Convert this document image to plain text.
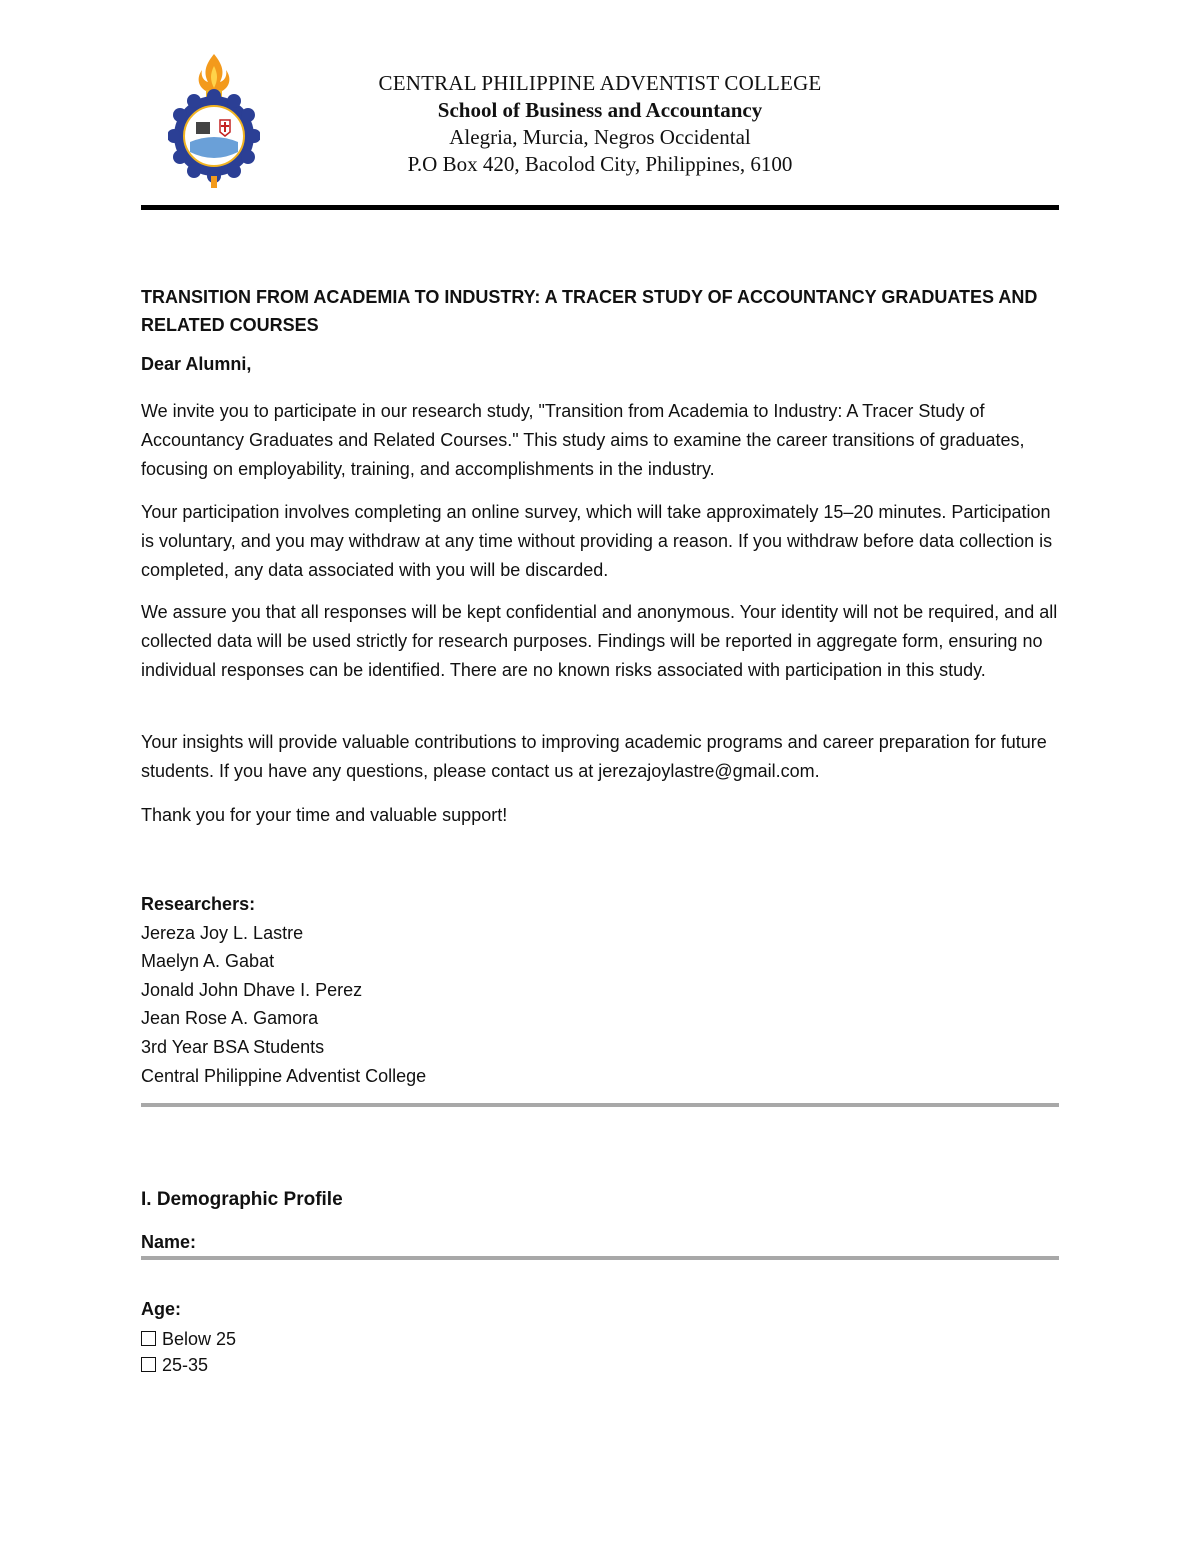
CENTRAL PHILIPPINE ADVENTIST COLLEGE
School of Business and Accountancy
Alegria, Murcia, Negros Occidental
P.O Box 420, Bacolod City, Philippines, 6100
TRANSITION FROM ACADEMIA TO INDUSTRY: A TRACER STUDY OF ACCOUNTANCY GRADUATES AND RELATED COURSES
Dear Alumni,
We invite you to participate in our research study, "Transition from Academia to Industry: A Tracer Study of Accountancy Graduates and Related Courses." This study aims to examine the career transitions of graduates, focusing on employability, training, and accomplishments in the industry.
Your participation involves completing an online survey, which will take approximately 15–20 minutes. Participation is voluntary, and you may withdraw at any time without providing a reason. If you withdraw before data collection is completed, any data associated with you will be discarded.
We assure you that all responses will be kept confidential and anonymous. Your identity will not be required, and all collected data will be used strictly for research purposes. Findings will be reported in aggregate form, ensuring no individual responses can be identified. There are no known risks associated with participation in this study.
Your insights will provide valuable contributions to improving academic programs and career preparation for future students. If you have any questions, please contact us at jerezajoylastre@gmail.com.
Thank you for your time and valuable support!
Researchers:
Jereza Joy L. Lastre
Maelyn A. Gabat
Jonald John Dhave I. Perez
Jean Rose A. Gamora
3rd Year BSA Students
Central Philippine Adventist College
I. Demographic Profile
Name:
Age:
Below 25
25-35
